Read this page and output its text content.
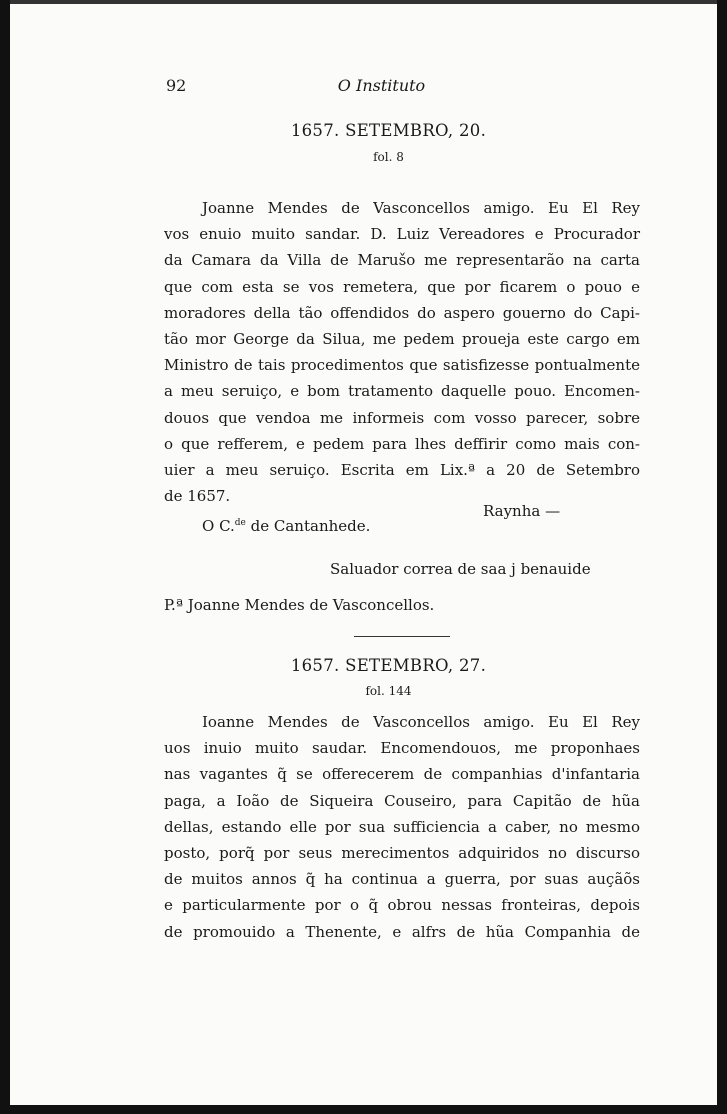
92	O Instituto
1657. SETEMBRO, 20.
fol. 8
Joanne Mendes de Vasconcellos amigo. Eu El Rey
vos enuio muito sandar. D. Luiz Vereadores e Procurador
da Camara da Villa de Marušo me representarão na carta
que com esta se vos remetera, que por ficarem o pouo e
moradores della tão offendidos do aspero gouerno do Capi-
tão mor George da Silua, me pedem proueja este cargo em
Ministro de tais procedimentos que satisfizesse pontualmente
a meu seruiço, e bom tratamento daquelle pouo. Encomen-
douos que vendoa me informeis com vosso parecer, sobre
o que refferem, e pedem para lhes deffirir como mais con-
uier a meu seruiço. Escrita em Lix.ª a 20 de Setembro
de 1657.
Raynha —
O C.$^{de}$ de Cantanhede.
Saluador correa de saa j benauide
P.ª Joanne Mendes de Vasconcellos.
1657. SETEMBRO, 27.
fol. 144
Ioanne Mendes de Vasconcellos amigo. Eu El Rey
uos inuio muito saudar. Encomendouos, me proponhaes
nas vagantes q̃ se offerecerem de companhias d'infantaria
paga, a Ioão de Siqueira Couseiro, para Capitão de hũa
dellas, estando elle por sua sufficiencia a caber, no mesmo
posto, porq̃ por seus merecimentos adquiridos no discurso
de muitos annos q̃ ha continua a guerra, por suas auçãõs
e particularmente por o q̃ obrou nessas fronteiras, depois
de promouido a Thenente, e alfrs de hũa Companhia de
